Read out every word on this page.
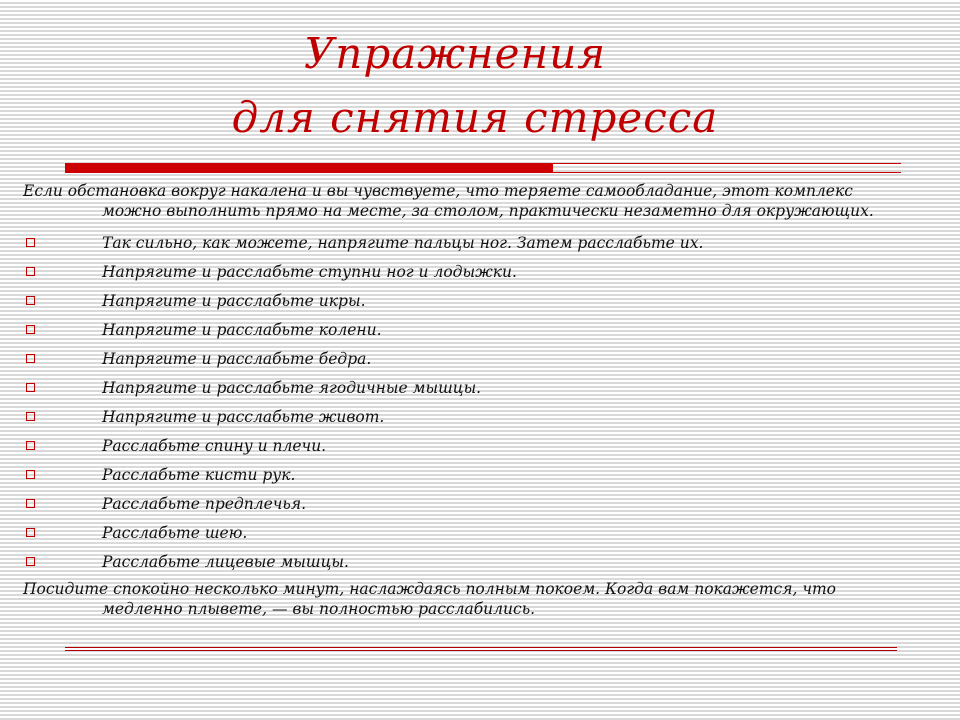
Упражнения
для снятия стресса
Если обстановка вокруг накалена и вы чувствуете, что теряете самообладание, этот комплекс можно выполнить прямо на месте, за столом, практически незаметно для окружающих.
Так сильно, как можете, напрягите пальцы ног. Затем расслабьте их.
Напрягите и расслабьте ступни ног и лодыжки.
Напрягите и расслабьте икры.
Напрягите и расслабьте колени.
Напрягите и расслабьте бедра.
Напрягите и расслабьте ягодичные мышцы.
Напрягите и расслабьте живот.
Расслабьте спину и плечи.
Расслабьте кисти рук.
Расслабьте предплечья.
Расслабьте шею.
Расслабьте лицевые мышцы.
Посидите спокойно несколько минут, наслаждаясь полным покоем. Когда вам покажется, что медленно плывете, — вы полностью расслабились.
